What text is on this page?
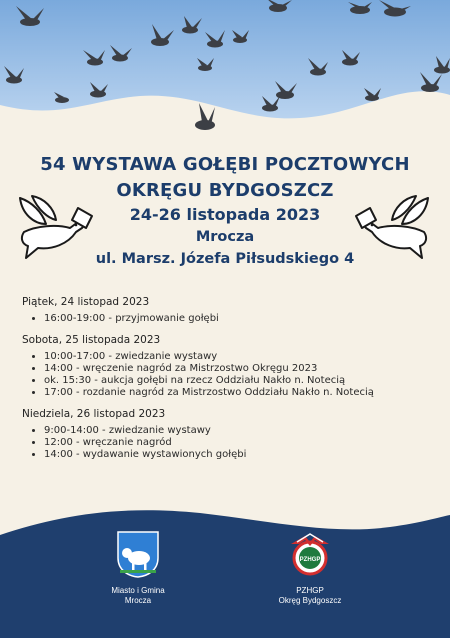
54 WYSTAWA GOŁĘBI POCZTOWYCH
OKRĘGU BYDGOSZCZ
24-26 listopada 2023
Mrocza
ul. Marsz. Józefa Piłsudskiego 4
Piątek, 24 listopad 2023
• 16:00-19:00 - przyjmowanie gołębi
Sobota, 25 listopada 2023
• 10:00-17:00 - zwiedzanie wystawy
• 14:00 - wręczenie nagród za Mistrzostwo Okręgu 2023
• ok. 15:30 - aukcja gołębi na rzecz Oddziału Nakło n. Notecią
• 17:00 - rozdanie nagród za Mistrzostwo Oddziału Nakło n. Notecią
Niedziela, 26 listopad 2023
• 9:00-14:00 - zwiedzanie wystawy
• 12:00 - wręczanie nagród
• 14:00 - wydawanie wystawionych gołębi
Miasto i Gmina
Mrocza
PZHGP
PZHGP
Okręg Bydgoszcz
